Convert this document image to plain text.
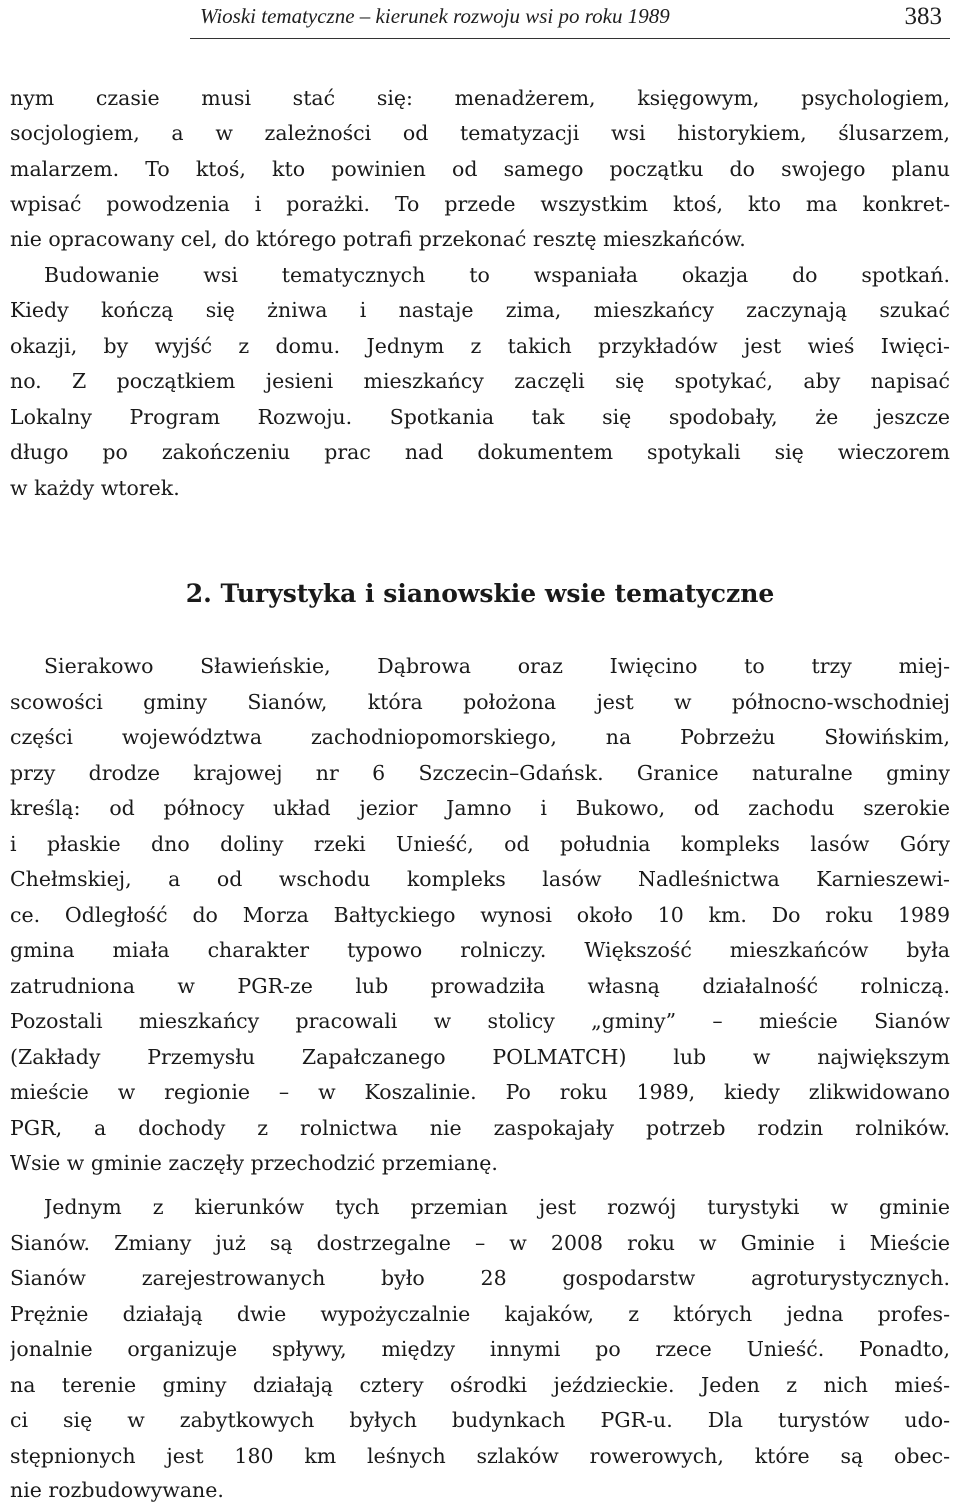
Wioski tematyczne – kierunek rozwoju wsi po roku 1989	383
nym czasie musi stać się: menadżerem, księgowym, psychologiem,
socjologiem, a w zależności od tematyzacji wsi historykiem, ślusarzem,
malarzem. To ktoś, kto powinien od samego początku do swojego planu
wpisać powodzenia i porażki. To przede wszystkim ktoś, kto ma konkret-
nie opracowany cel, do którego potrafi przekonać resztę mieszkańców.
Budowanie wsi tematycznych to wspaniała okazja do spotkań.
Kiedy kończą się żniwa i nastaje zima, mieszkańcy zaczynają szukać
okazji, by wyjść z domu. Jednym z takich przykładów jest wieś Iwięci-
no. Z początkiem jesieni mieszkańcy zaczęli się spotykać, aby napisać
Lokalny Program Rozwoju. Spotkania tak się spodobały, że jeszcze
długo po zakończeniu prac nad dokumentem spotykali się wieczorem
w każdy wtorek.
2. Turystyka i sianowskie wsie tematyczne
Sierakowo Sławieńskie, Dąbrowa oraz Iwięcino to trzy miej-
scowości gminy Sianów, która położona jest w północno-wschodniej
części województwa zachodniopomorskiego, na Pobrzeżu Słowińskim,
przy drodze krajowej nr 6 Szczecin–Gdańsk. Granice naturalne gminy
kreślą: od północy układ jezior Jamno i Bukowo, od zachodu szerokie
i płaskie dno doliny rzeki Unieść, od południa kompleks lasów Góry
Chełmskiej, a od wschodu kompleks lasów Nadleśnictwa Karnieszewi-
ce. Odległość do Morza Bałtyckiego wynosi około 10 km. Do roku 1989
gmina miała charakter typowo rolniczy. Większość mieszkańców była
zatrudniona w PGR-ze lub prowadziła własną działalność rolniczą.
Pozostali mieszkańcy pracowali w stolicy „gminy” – mieście Sianów
(Zakłady Przemysłu Zapałczanego POLMATCH) lub w największym
mieście w regionie – w Koszalinie. Po roku 1989, kiedy zlikwidowano
PGR, a dochody z rolnictwa nie zaspokajały potrzeb rodzin rolników.
Wsie w gminie zaczęły przechodzić przemianę.
Jednym z kierunków tych przemian jest rozwój turystyki w gminie
Sianów. Zmiany już są dostrzegalne – w 2008 roku w Gminie i Mieście
Sianów zarejestrowanych było 28 gospodarstw agroturystycznych.
Prężnie działają dwie wypożyczalnie kajaków, z których jedna profes-
jonalnie organizuje spływy, między innymi po rzece Unieść. Ponadto,
na terenie gminy działają cztery ośrodki jeździeckie. Jeden z nich mieś-
ci się w zabytkowych byłych budynkach PGR-u. Dla turystów udo-
stępnionych jest 180 km leśnych szlaków rowerowych, które są obec-
nie rozbudowywane.
